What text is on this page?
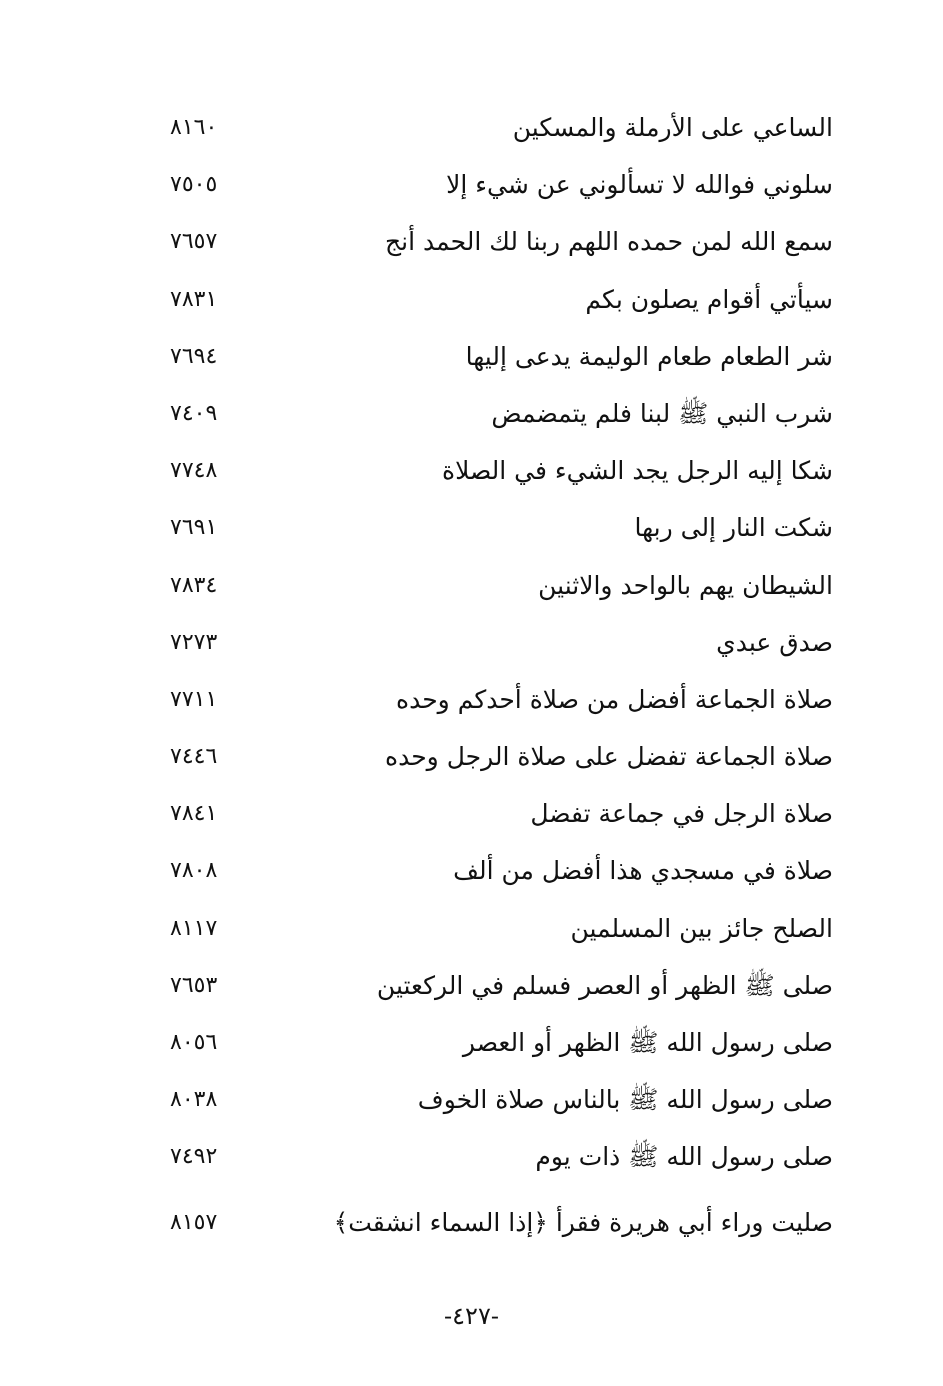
الساعي على الأرملة والمسكين
٨١٦٠
سلوني فوالله لا تسألوني عن شيء إلا
٧٥٠٥
سمع الله لمن حمده اللهم ربنا لك الحمد أنج
٧٦٥٧
سيأتي أقوام يصلون بكم
٧٨٣١
شر الطعام طعام الوليمة يدعى إليها
٧٦٩٤
شرب النبي ﷺ لبنا فلم يتمضمض
٧٤٠٩
شكا إليه الرجل يجد الشيء في الصلاة
٧٧٤٨
شكت النار إلى ربها
٧٦٩١
الشيطان يهم بالواحد والاثنين
٧٨٣٤
صدق عبدي
٧٢٧٣
صلاة الجماعة أفضل من صلاة أحدكم وحده
٧٧١١
صلاة الجماعة تفضل على صلاة الرجل وحده
٧٤٤٦
صلاة الرجل في جماعة تفضل
٧٨٤١
صلاة في مسجدي هذا أفضل من ألف
٧٨٠٨
الصلح جائز بين المسلمين
٨١١٧
صلى ﷺ الظهر أو العصر فسلم في الركعتين
٧٦٥٣
صلى رسول الله ﷺ الظهر أو العصر
٨٠٥٦
صلى رسول الله ﷺ بالناس صلاة الخوف
٨٠٣٨
صلى رسول الله ﷺ ذات يوم
٧٤٩٢
صليت وراء أبي هريرة فقرأ ﴿إذا السماء انشقت﴾
٨١٥٧
-٤٢٧-
